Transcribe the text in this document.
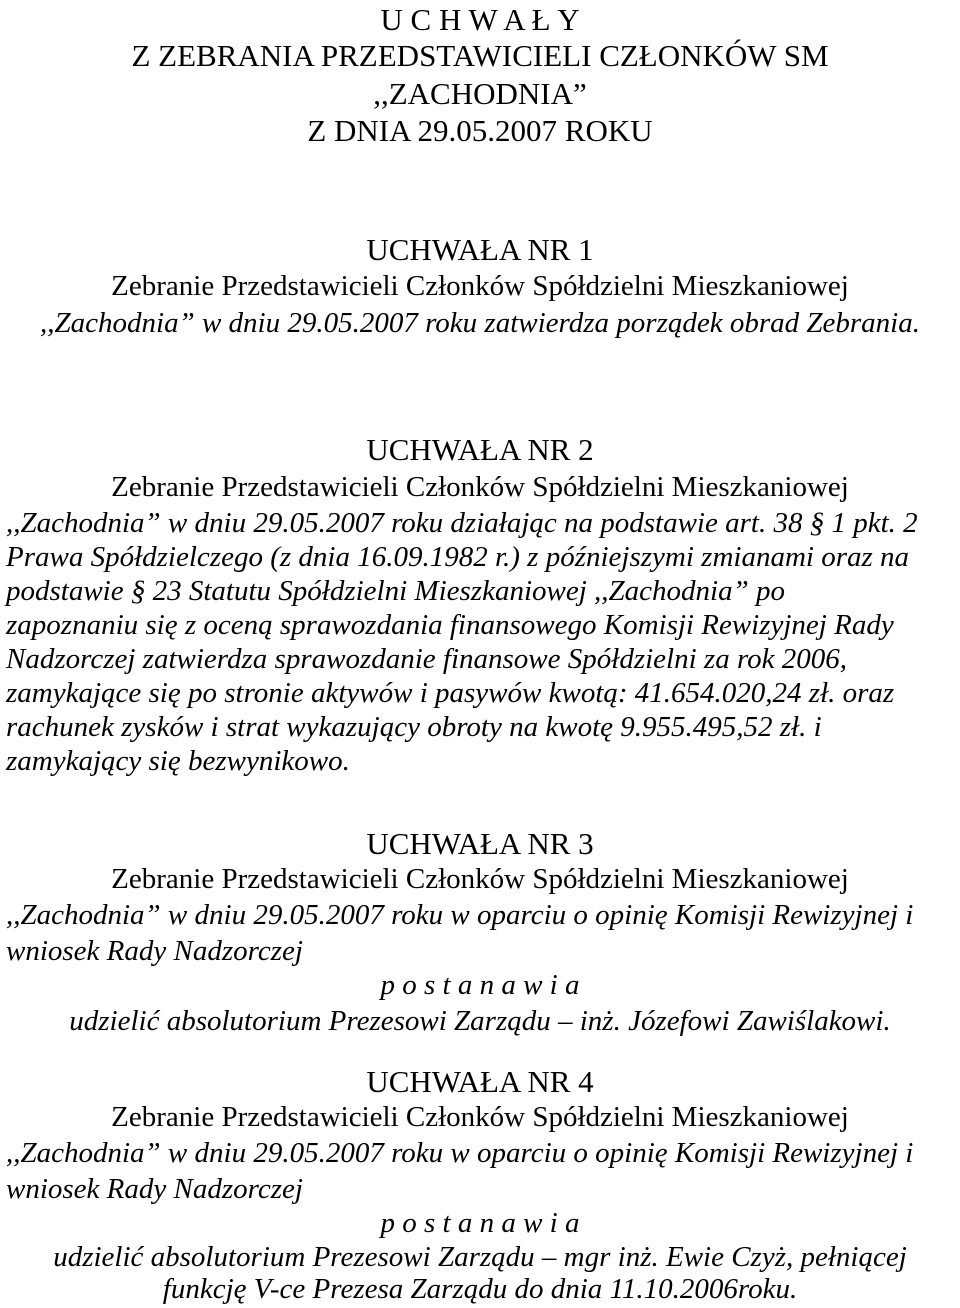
U C H W A Ł Y
Z ZEBRANIA PRZEDSTAWICIELI CZŁONKÓW SM
,,ZACHODNIA”
Z DNIA 29.05.2007 ROKU
UCHWAŁA NR 1
Zebranie Przedstawicieli Członków Spółdzielni Mieszkaniowej
,,Zachodnia” w dniu 29.05.2007 roku zatwierdza porządek obrad Zebrania.
UCHWAŁA NR 2
Zebranie Przedstawicieli Członków Spółdzielni Mieszkaniowej
,,Zachodnia” w dniu 29.05.2007 roku działając na podstawie art. 38 § 1 pkt. 2
Prawa Spółdzielczego (z dnia 16.09.1982 r.) z późniejszymi zmianami oraz na
podstawie § 23 Statutu Spółdzielni Mieszkaniowej ,,Zachodnia” po
zapoznaniu się z oceną sprawozdania finansowego Komisji Rewizyjnej Rady
Nadzorczej zatwierdza sprawozdanie finansowe Spółdzielni za rok 2006,
zamykające się po stronie aktywów i pasywów kwotą: 41.654.020,24 zł. oraz
rachunek zysków i strat wykazujący obroty na kwotę 9.955.495,52 zł. i
zamykający się bezwynikowo.
UCHWAŁA NR 3
Zebranie Przedstawicieli Członków Spółdzielni Mieszkaniowej
,,Zachodnia” w dniu 29.05.2007 roku w oparciu o opinię Komisji Rewizyjnej i
wniosek Rady Nadzorczej
p o s t a n a w i a
udzielić absolutorium Prezesowi Zarządu – inż. Józefowi Zawiślakowi.
UCHWAŁA NR 4
Zebranie Przedstawicieli Członków Spółdzielni Mieszkaniowej
,,Zachodnia” w dniu 29.05.2007 roku w oparciu o opinię Komisji Rewizyjnej i
wniosek Rady Nadzorczej
p o s t a n a w i a
udzielić absolutorium Prezesowi Zarządu – mgr inż. Ewie Czyż, pełniącej
funkcję V-ce Prezesa Zarządu do dnia 11.10.2006roku.
